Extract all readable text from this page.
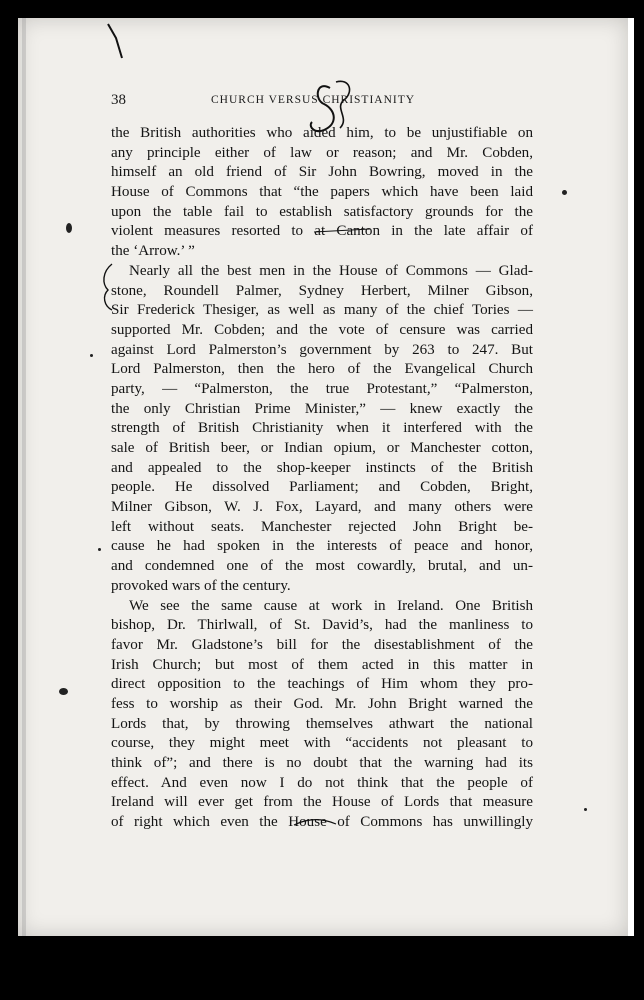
38	CHURCH VERSUS CHRISTIANITY
the British authorities who aided him, to be unjustifiable on
any principle either of law or reason; and Mr. Cobden,
himself an old friend of Sir John Bowring, moved in the
House of Commons that “the papers which have been laid
upon the table fail to establish satisfactory grounds for the
violent measures resorted to at Canton in the late affair of
the ‘Arrow.’ ”
Nearly all the best men in the House of Commons — Glad-
stone, Roundell Palmer, Sydney Herbert, Milner Gibson,
Sir Frederick Thesiger, as well as many of the chief Tories —
supported Mr. Cobden; and the vote of censure was carried
against Lord Palmerston’s government by 263 to 247. But
Lord Palmerston, then the hero of the Evangelical Church
party, — “Palmerston, the true Protestant,” “Palmerston,
the only Christian Prime Minister,” — knew exactly the
strength of British Christianity when it interfered with the
sale of British beer, or Indian opium, or Manchester cotton,
and appealed to the shop-keeper instincts of the British
people. He dissolved Parliament; and Cobden, Bright,
Milner Gibson, W. J. Fox, Layard, and many others were
left without seats. Manchester rejected John Bright be-
cause he had spoken in the interests of peace and honor,
and condemned one of the most cowardly, brutal, and un-
provoked wars of the century.
We see the same cause at work in Ireland. One British
bishop, Dr. Thirlwall, of St. David’s, had the manliness to
favor Mr. Gladstone’s bill for the disestablishment of the
Irish Church; but most of them acted in this matter in
direct opposition to the teachings of Him whom they pro-
fess to worship as their God. Mr. John Bright warned the
Lords that, by throwing themselves athwart the national
course, they might meet with “accidents not pleasant to
think of”; and there is no doubt that the warning had its
effect. And even now I do not think that the people of
Ireland will ever get from the House of Lords that measure
of right which even the House of Commons has unwillingly
